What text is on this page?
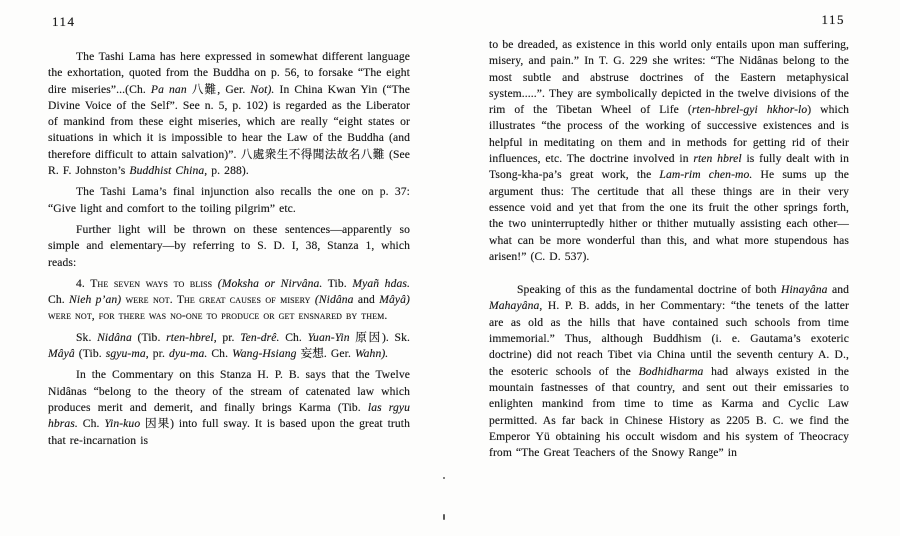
114

The Tashi Lama has here expressed in somewhat different language the exhortation, quoted from the Buddha on p. 56, to forsake “The eight dire miseries”...(Ch. Pa nan 八難, Ger. Not). In China Kwan Yin (“The Divine Voice of the Self”. See n. 5, p. 102) is regarded as the Liberator of mankind from these eight miseries, which are really “eight states or situations in which it is impossible to hear the Law of the Buddha (and therefore difficult to attain salvation)”. 八處衆生不得聞法故名八難 (See R. F. Johnston’s Buddhist China, p. 288).

The Tashi Lama’s final injunction also recalls the one on p. 37: “Give light and comfort to the toiling pilgrim” etc.

Further light will be thrown on these sentences—apparently so simple and elementary—by referring to S. D. I, 38, Stanza 1, which reads:

4. The seven ways to bliss (Moksha or Nirvâna. Tib. Myañ hdas. Ch. Nieh p’an) were not. The great causes of misery (Nidâna and Mâyâ) were not, for there was no-one to produce or get ensnared by them.

Sk. Nidâna (Tib. rten-hbrel, pr. Ten-drê. Ch. Yuan-Yin 原因). Sk. Mâyâ (Tib. sgyu-ma, pr. dyu-ma. Ch. Wang-Hsiang 妄想. Ger. Wahn).

In the Commentary on this Stanza H. P. B. says that the Twelve Nidânas “belong to the theory of the stream of catenated law which produces merit and demerit, and finally brings Karma (Tib. las rgyu hbras. Ch. Yin-kuo 因果) into full sway. It is based upon the great truth that re-incarnation is

115

to be dreaded, as existence in this world only entails upon man suffering, misery, and pain.” In T. G. 229 she writes: “The Nidânas belong to the most subtle and abstruse doctrines of the Eastern metaphysical system.....”. They are symbolically depicted in the twelve divisions of the rim of the Tibetan Wheel of Life (rten-hbrel-gyi hkhor-lo) which illustrates “the process of the working of successive existences and is helpful in meditating on them and in methods for getting rid of their influences, etc. The doctrine involved in rten hbrel is fully dealt with in Tsong-kha-pa’s great work, the Lam-rim chen-mo. He sums up the argument thus: The certitude that all these things are in their very essence void and yet that from the one its fruit the other springs forth, the two uninterruptedly hither or thither mutually assisting each other—what can be more wonderful than this, and what more stupendous has arisen!” (C. D. 537).

Speaking of this as the fundamental doctrine of both Hinayâna and Mahayâna, H. P. B. adds, in her Commentary: “the tenets of the latter are as old as the hills that have contained such schools from time immemorial.” Thus, although Buddhism (i. e. Gautama’s exoteric doctrine) did not reach Tibet via China until the seventh century A. D., the esoteric schools of the Bodhidharma had always existed in the mountain fastnesses of that country, and sent out their emissaries to enlighten mankind from time to time as Karma and Cyclic Law permitted. As far back in Chinese History as 2205 B. C. we find the Emperor Yü obtaining his occult wisdom and his system of Theocracy from “The Great Teachers of the Snowy Range” in
